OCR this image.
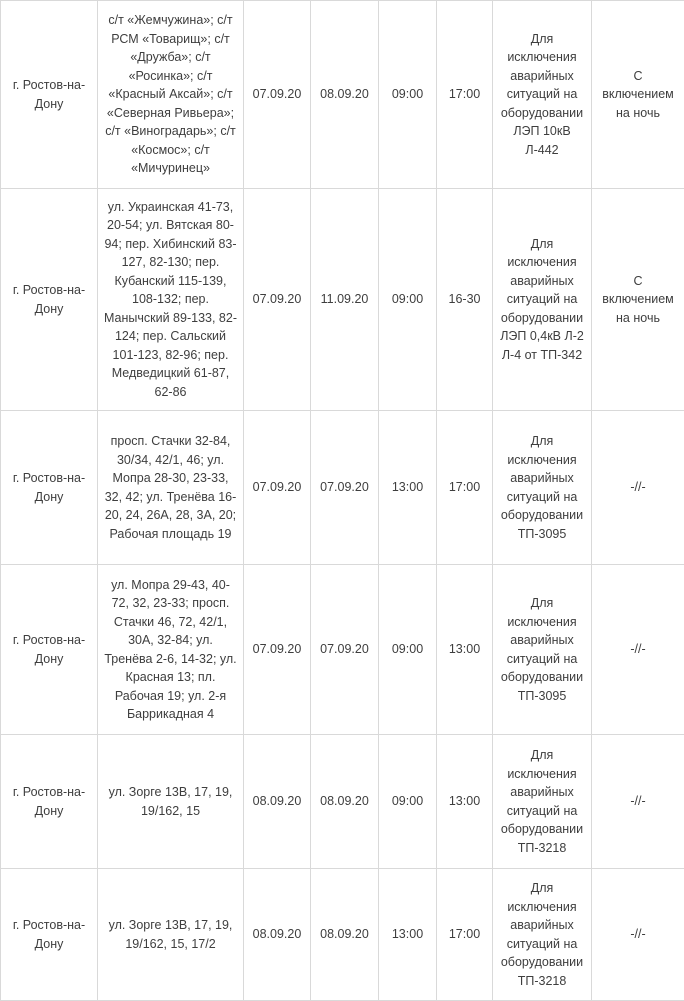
г. Ростов-на-Дону	с/т «Жемчужина»; с/т РСМ «Товарищ»; с/т «Дружба»; с/т «Росинка»; с/т «Красный Аксай»; с/т «Северная Ривьера»; с/т «Виноградарь»; с/т «Космос»; с/т «Мичуринец»	07.09.20	08.09.20	09:00	17:00	Для исключения аварийных ситуаций на оборудовании ЛЭП 10кВ Л-442	С включением на ночь
г. Ростов-на-Дону	ул. Украинская 41-73, 20-54; ул. Вятская 80-94; пер. Хибинский 83-127, 82-130; пер. Кубанский 115-139, 108-132; пер. Манычский 89-133, 82-124; пер. Сальский 101-123, 82-96; пер. Медведицкий 61-87, 62-86	07.09.20	11.09.20	09:00	16-30	Для исключения аварийных ситуаций на оборудовании ЛЭП 0,4кВ Л-2 Л-4 от ТП-342	С включением на ночь
г. Ростов-на-Дону	просп. Стачки 32-84, 30/34, 42/1, 46; ул. Мопра 28-30, 23-33, 32, 42; ул. Тренёва 16-20, 24, 26А, 28, 3А, 20; Рабочая площадь 19	07.09.20	07.09.20	13:00	17:00	Для исключения аварийных ситуаций на оборудовании ТП-3095	-//-
г. Ростов-на-Дону	ул. Мопра 29-43, 40-72, 32, 23-33; просп. Стачки 46, 72, 42/1, 30А, 32-84; ул. Тренёва 2-6, 14-32; ул. Красная 13; пл. Рабочая 19; ул. 2-я Баррикадная 4	07.09.20	07.09.20	09:00	13:00	Для исключения аварийных ситуаций на оборудовании ТП-3095	-//-
г. Ростов-на-Дону	ул. Зорге 13В, 17, 19, 19/162, 15	08.09.20	08.09.20	09:00	13:00	Для исключения аварийных ситуаций на оборудовании ТП-3218	-//-
г. Ростов-на-Дону	ул. Зорге 13В, 17, 19, 19/162, 15, 17/2	08.09.20	08.09.20	13:00	17:00	Для исключения аварийных ситуаций на оборудовании ТП-3218	-//-
